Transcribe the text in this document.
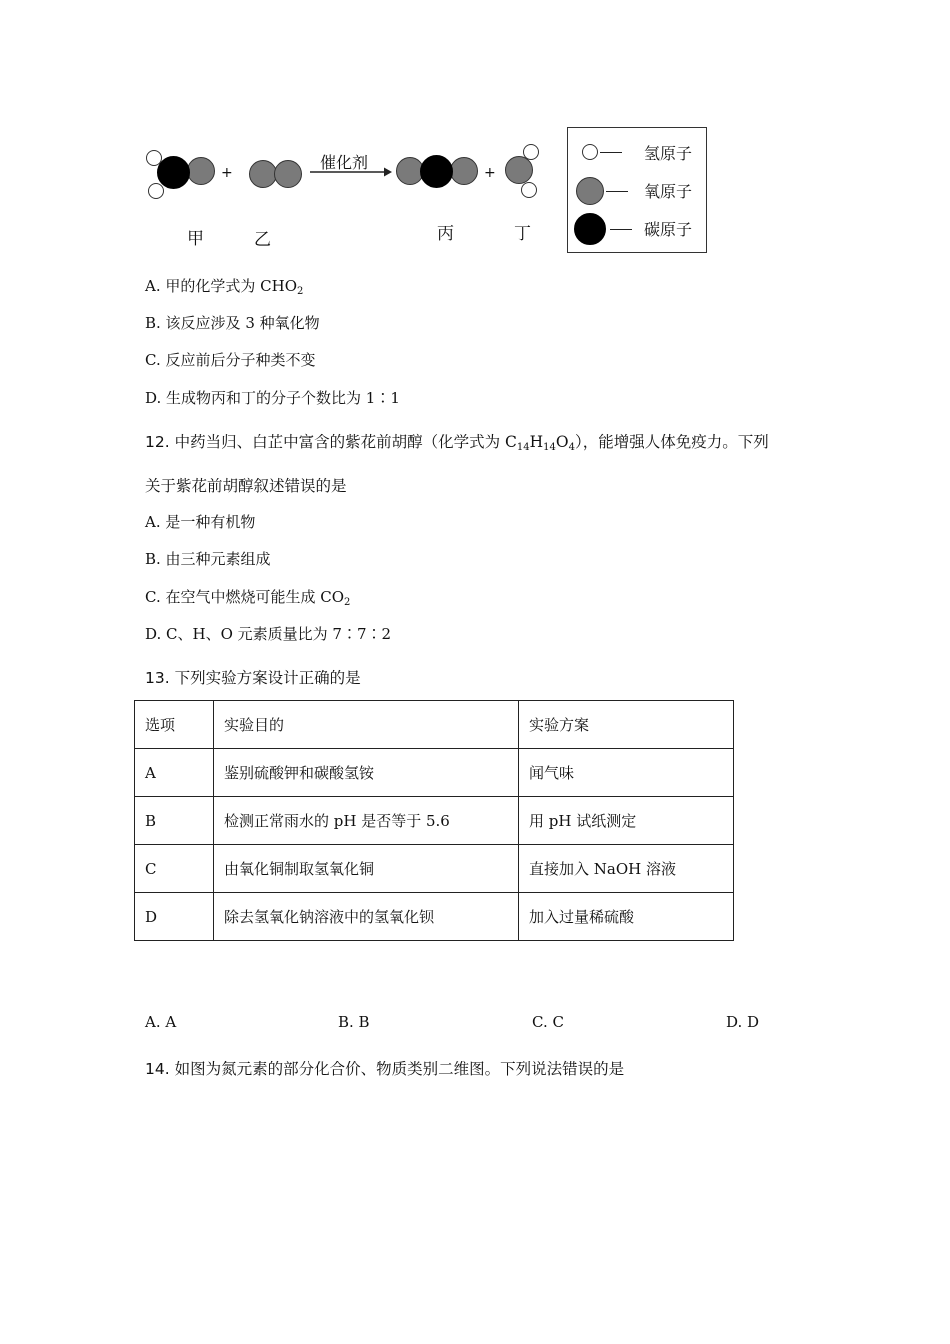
+
催化剂
+
甲	乙	丙	丁
氢原子
氧原子
碳原子
A. 甲的化学式为 $CHO_2$
B. 该反应涉及 3 种氧化物
C. 反应前后分子种类不变
D. 生成物丙和丁的分子个数比为 1∶1
12. 中药当归、白芷中富含的紫花前胡醇（化学式为 $C_{14}H_{14}O_4$），能增强人体免疫力。下列
关于紫花前胡醇叙述错误的是
A. 是一种有机物
B. 由三种元素组成
C. 在空气中燃烧可能生成 $CO_2$
D. C、H、O 元素质量比为 7∶7∶2
13. 下列实验方案设计正确的是
选项	实验目的	实验方案
A	鉴别硫酸钾和碳酸氢铵	闻气味
B	检测正常雨水的 pH 是否等于 5.6	用 pH 试纸测定
C	由氧化铜制取氢氧化铜	直接加入 NaOH 溶液
D	除去氢氧化钠溶液中的氢氧化钡	加入过量稀硫酸
A. A	B. B	C. C	D. D
14. 如图为氮元素的部分化合价、物质类别二维图。下列说法错误的是
